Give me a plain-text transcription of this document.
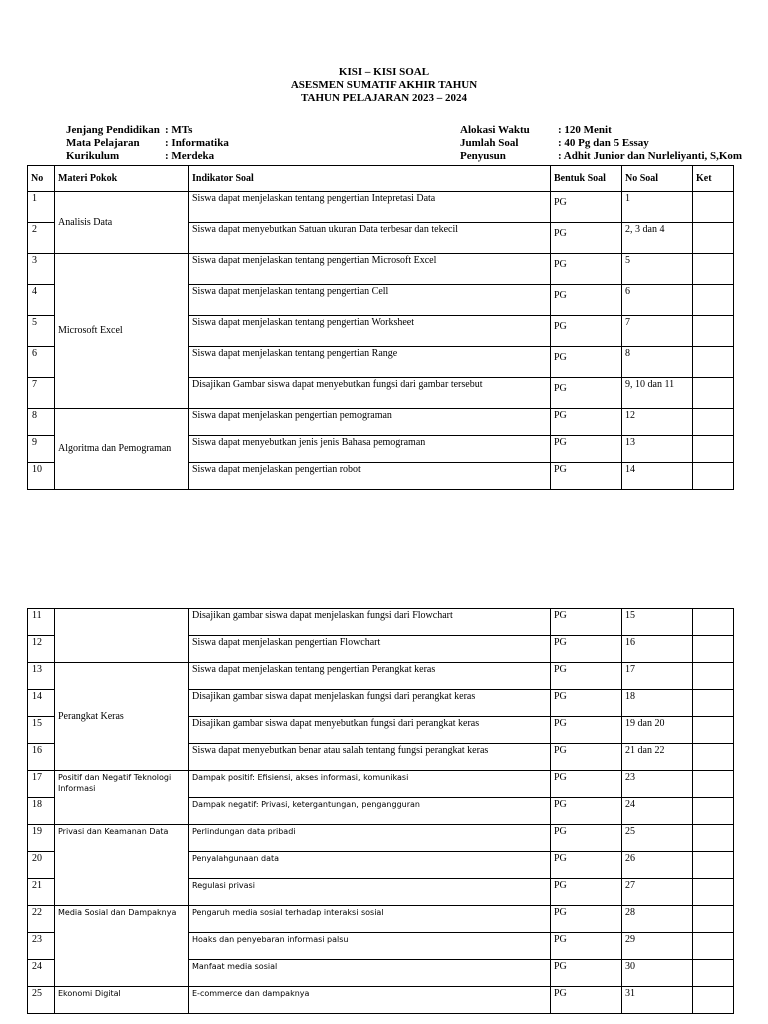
KISI – KISI SOAL
ASESMEN SUMATIF AKHIR TAHUN
TAHUN PELAJARAN 2023 – 2024
Jenjang Pendidikan : MTs
Mata Pelajaran : Informatika
Kurikulum	: Merdeka
Alokasi Waktu	: 120 Menit
Jumlah Soal	: 40 Pg dan 5 Essay
Penyusun	: Adhit Junior dan Nurleliyanti, S,Kom
No	Materi Pokok	Indikator Soal	Bentuk Soal	No Soal	Ket
1	Analisis Data	Siswa dapat menjelaskan tentang pengertian Intepretasi Data	PG	1	
2		Siswa dapat menyebutkan Satuan ukuran Data terbesar dan tekecil	PG	2, 3 dan 4	
3	Microsoft Excel	Siswa dapat menjelaskan tentang pengertian Microsoft Excel	PG	5	
4		Siswa dapat menjelaskan tentang pengertian Cell	PG	6	
5		Siswa dapat menjelaskan tentang pengertian Worksheet	PG	7	
6		Siswa dapat menjelaskan tentang pengertian Range	PG	8	
7		Disajikan Gambar siswa dapat menyebutkan fungsi dari gambar tersebut	PG	9, 10 dan 11	
8	Algoritma dan Pemograman	Siswa dapat menjelaskan pengertian pemograman	PG	12	
9		Siswa dapat menyebutkan jenis jenis Bahasa pemograman	PG	13	
10		Siswa dapat menjelaskan pengertian robot	PG	14	
11		Disajikan gambar siswa dapat menjelaskan fungsi dari Flowchart	PG	15	
12		Siswa dapat menjelaskan pengertian Flowchart	PG	16	
13	Perangkat Keras	Siswa dapat menjelaskan tentang pengertian Perangkat keras	PG	17	
14		Disajikan gambar siswa dapat menjelaskan fungsi dari perangkat keras	PG	18	
15		Disajikan gambar siswa dapat menyebutkan fungsi dari perangkat keras	PG	19 dan 20	
16		Siswa dapat menyebutkan benar atau salah tentang fungsi perangkat keras	PG	21 dan 22	
17	Positif dan Negatif Teknologi Informasi	Dampak positif: Efisiensi, akses informasi, komunikasi	PG	23	
18		Dampak negatif: Privasi, ketergantungan, pengangguran	PG	24	
19	Privasi dan Keamanan Data	Perlindungan data pribadi	PG	25	
20		Penyalahgunaan data	PG	26	
21		Regulasi privasi	PG	27	
22	Media Sosial dan Dampaknya	Pengaruh media sosial terhadap interaksi sosial	PG	28	
23		Hoaks dan penyebaran informasi palsu	PG	29	
24		Manfaat media sosial	PG	30	
25	Ekonomi Digital	E-commerce dan dampaknya	PG	31	
